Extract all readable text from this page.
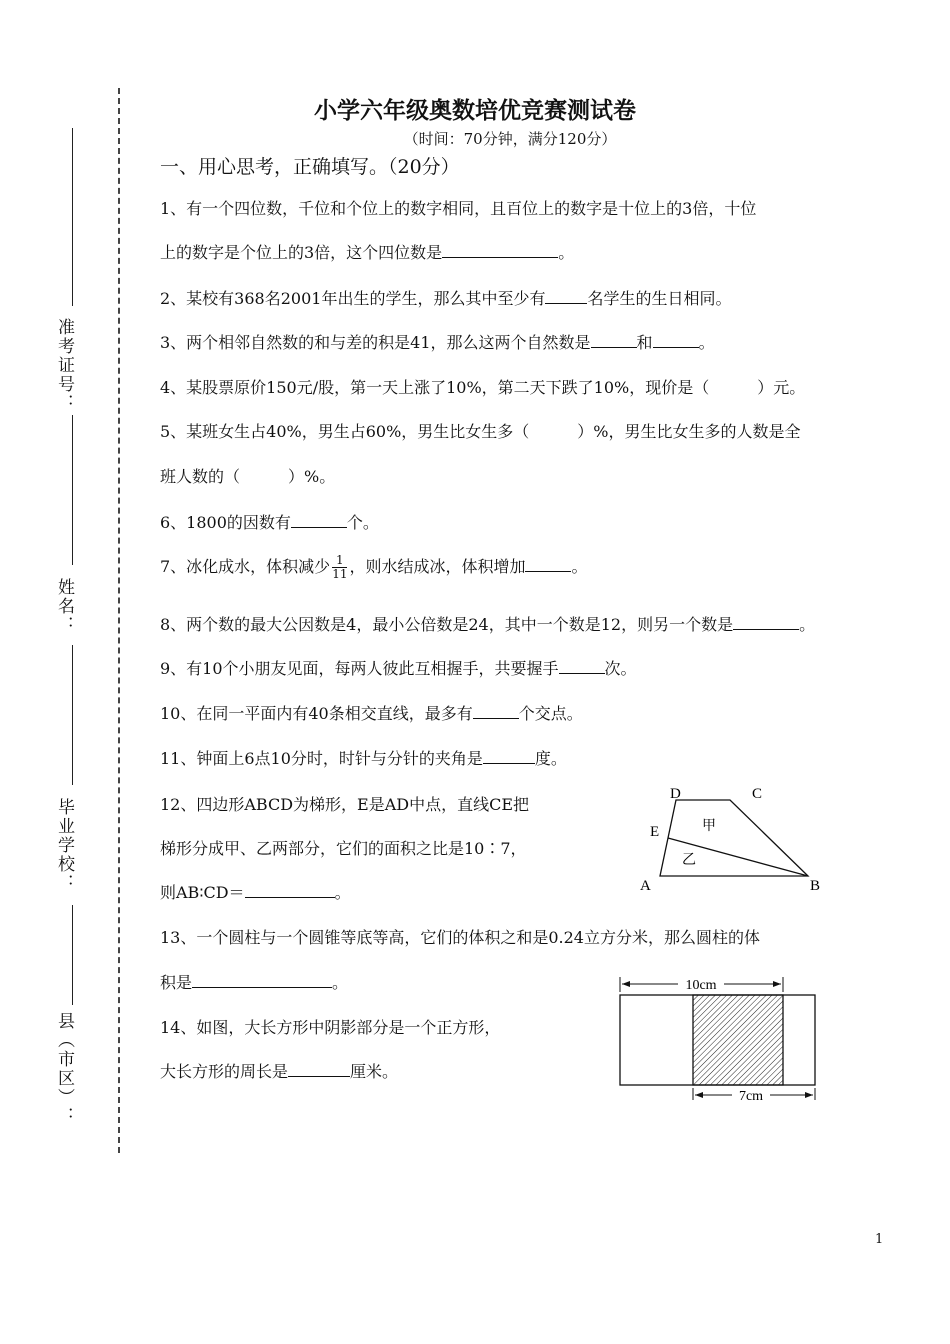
准考证号：
姓名：
毕业学校：
县（市区）：
小学六年级奥数培优竞赛测试卷
（时间：70分钟，满分120分）
一、用心思考，正确填写。（20分）
1、有一个四位数，千位和个位上的数字相同，且百位上的数字是十位上的3倍，十位
上的数字是个位上的3倍，这个四位数是	。
2、某校有368名2001年出生的学生，那么其中至少有	名学生的生日相同。
3、两个相邻自然数的和与差的积是41，那么这两个自然数是	和	。
4、某股票原价150元/股，第一天上涨了10%，第二天下跌了10%，现价是（　　　）元。
5、某班女生占40%，男生占60%，男生比女生多（　　　）%，男生比女生多的人数是全
班人数的（　　　）%。
6、1800的因数有	个。
7、冰化成水，体积减少 $\frac{1}{11}$ ，则水结成冰，体积增加	。
8、两个数的最大公因数是4，最小公倍数是24，其中一个数是12，则另一个数是	。
9、有10个小朋友见面，每两人彼此互相握手，共要握手	次。
10、在同一平面内有40条相交直线，最多有	个交点。
11、钟面上6点10分时，时针与分针的夹角是	度。
12、四边形ABCD为梯形，E是AD中点，直线CE把
梯形分成甲、乙两部分，它们的面积之比是10∶7，
则AB∶CD＝	。
13、一个圆柱与一个圆锥等底等高，它们的体积之和是0.24立方分米，那么圆柱的体
积是	。
14、如图，大长方形中阴影部分是一个正方形，
大长方形的周长是	厘米。
D	C
E
A	B
甲
乙
10cm
7cm
1
